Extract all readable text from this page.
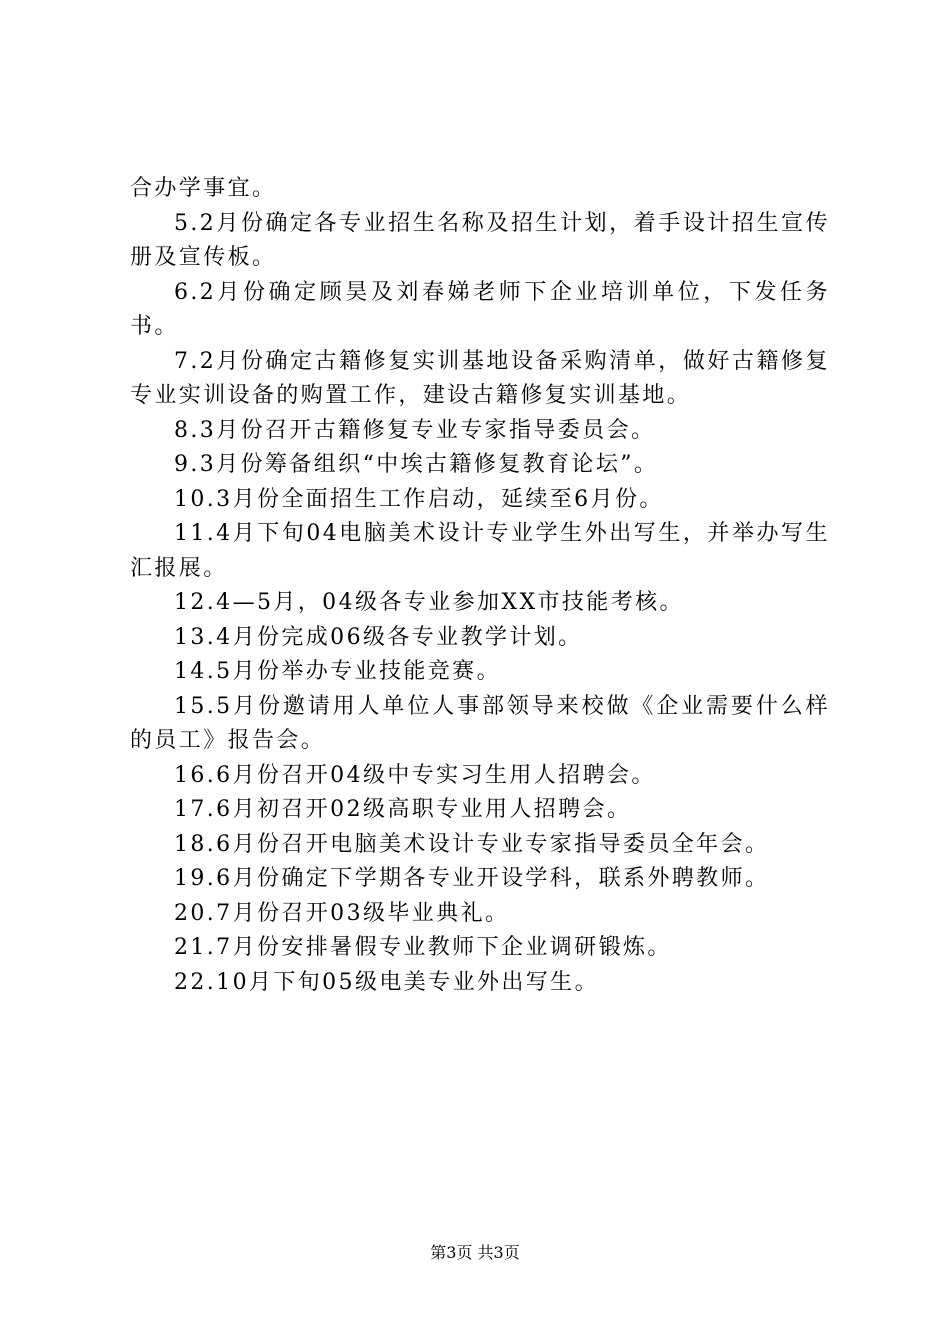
合办学事宜。

5.2月份确定各专业招生名称及招生计划，着手设计招生宣传册及宣传板。

6.2月份确定顾昊及刘春娣老师下企业培训单位，下发任务书。

7.2月份确定古籍修复实训基地设备采购清单，做好古籍修复专业实训设备的购置工作，建设古籍修复实训基地。

8.3月份召开古籍修复专业专家指导委员会。

9.3月份筹备组织“中埃古籍修复教育论坛”。

10.3月份全面招生工作启动，延续至6月份。

11.4月下旬04电脑美术设计专业学生外出写生，并举办写生汇报展。

12.4—5月，04级各专业参加XX市技能考核。

13.4月份完成06级各专业教学计划。

14.5月份举办专业技能竞赛。

15.5月份邀请用人单位人事部领导来校做《企业需要什么样的员工》报告会。

16.6月份召开04级中专实习生用人招聘会。

17.6月初召开02级高职专业用人招聘会。

18.6月份召开电脑美术设计专业专家指导委员全年会。

19.6月份确定下学期各专业开设学科，联系外聘教师。

20.7月份召开03级毕业典礼。

21.7月份安排暑假专业教师下企业调研锻炼。

22.10月下旬05级电美专业外出写生。

第3页 共3页
